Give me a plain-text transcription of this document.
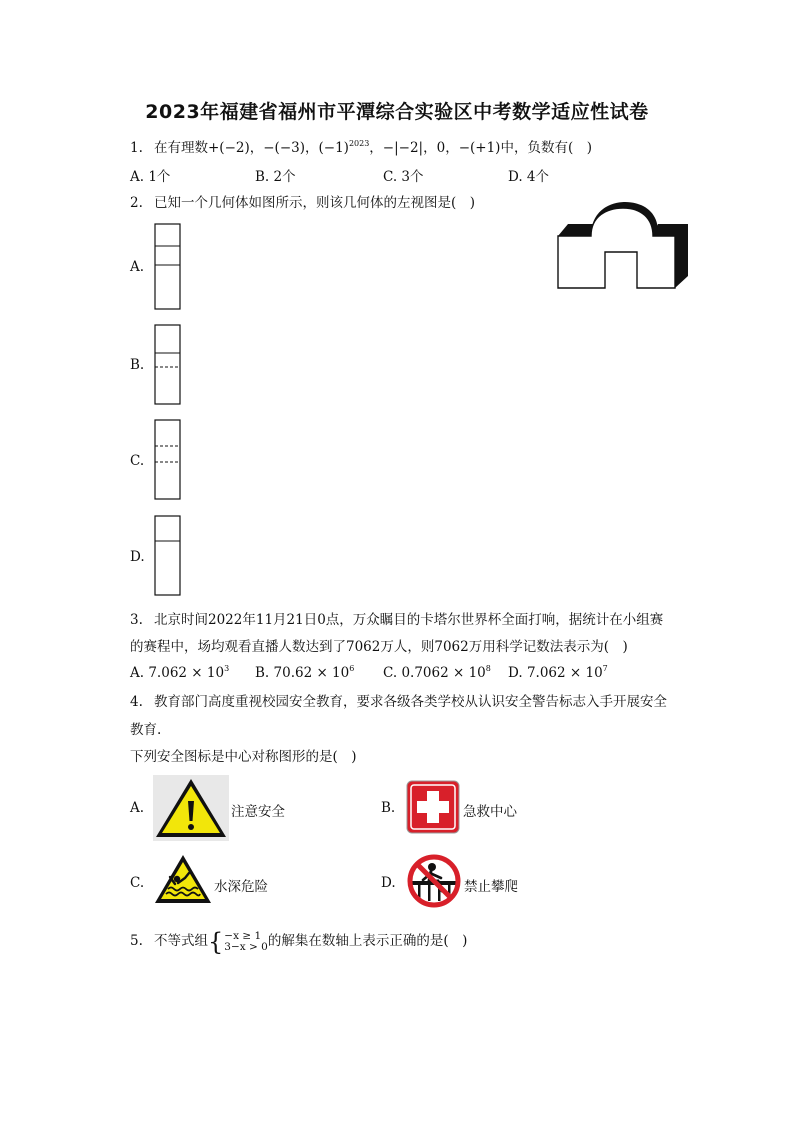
2023年福建省福州市平潭综合实验区中考数学适应性试卷
1. 在有理数+(−2)，−(−3)，$(-1)^{2023}$，−|−2|，0，−(+1)中，负数有(　)
A. 1个	B. 2个	C. 3个	D. 4个
2. 已知一个几何体如图所示，则该几何体的左视图是(　)
A.
B.
C.
D.
3. 北京时间2022年11月21日0点，万众瞩目的卡塔尔世界杯全面打响，据统计在小组赛
的赛程中，场均观看直播人数达到了7062万人，则7062万用科学记数法表示为(　)
A. $7.062 \times 10^3$ B. $70.62 \times 10^6$ C. $0.7062 \times 10^8$ D. $7.062 \times 10^7$
4. 教育部门高度重视校园安全教育，要求各级各类学校从认识安全警告标志入手开展安全
教育.
下列安全图标是中心对称图形的是(　)
A.	注意安全	B.	急救中心
C.	水深危险	D.	禁止攀爬
5. 不等式组{−x ≥ 1
3−x > 0的解集在数轴上表示正确的是(　)
